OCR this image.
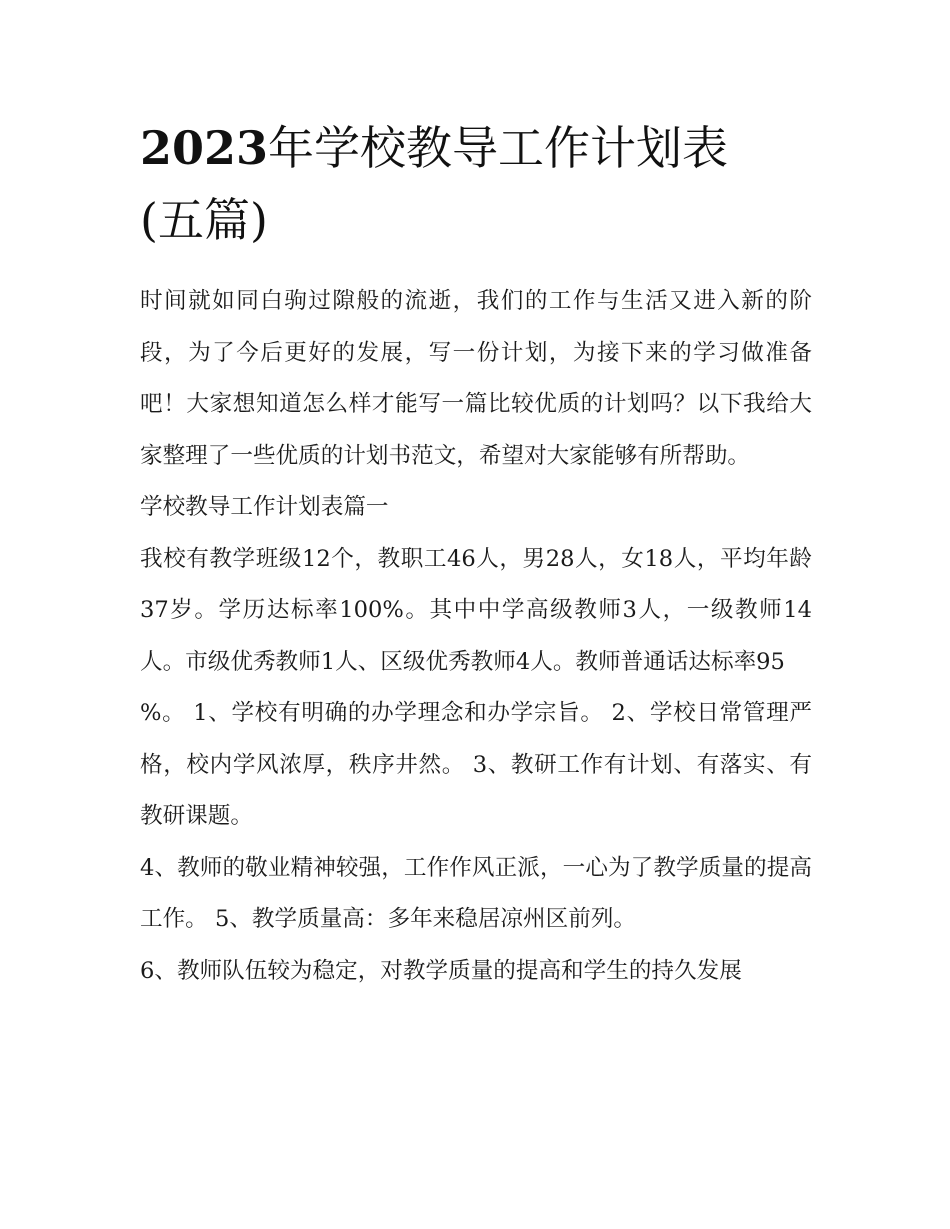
2023年学校教导工作计划表
(五篇)

时间就如同白驹过隙般的流逝，我们的工作与生活又进入新的阶段，为了今后更好的发展，写一份计划，为接下来的学习做准备吧！大家想知道怎么样才能写一篇比较优质的计划吗？以下我给大家整理了一些优质的计划书范文，希望对大家能够有所帮助。

学校教导工作计划表篇一

我校有教学班级12个，教职工46人，男28人，女18人，平均年龄37岁。学历达标率100%。其中中学高级教师3人，一级教师14人。市级优秀教师1人、区级优秀教师4人。教师普通话达标率95

%。 1、学校有明确的办学理念和办学宗旨。 2、学校日常管理严格，校内学风浓厚，秩序井然。 3、教研工作有计划、有落实、有教研课题。

4、教师的敬业精神较强，工作作风正派，一心为了教学质量的提高工作。 5、教学质量高：多年来稳居凉州区前列。

6、教师队伍较为稳定，对教学质量的提高和学生的持久发展
